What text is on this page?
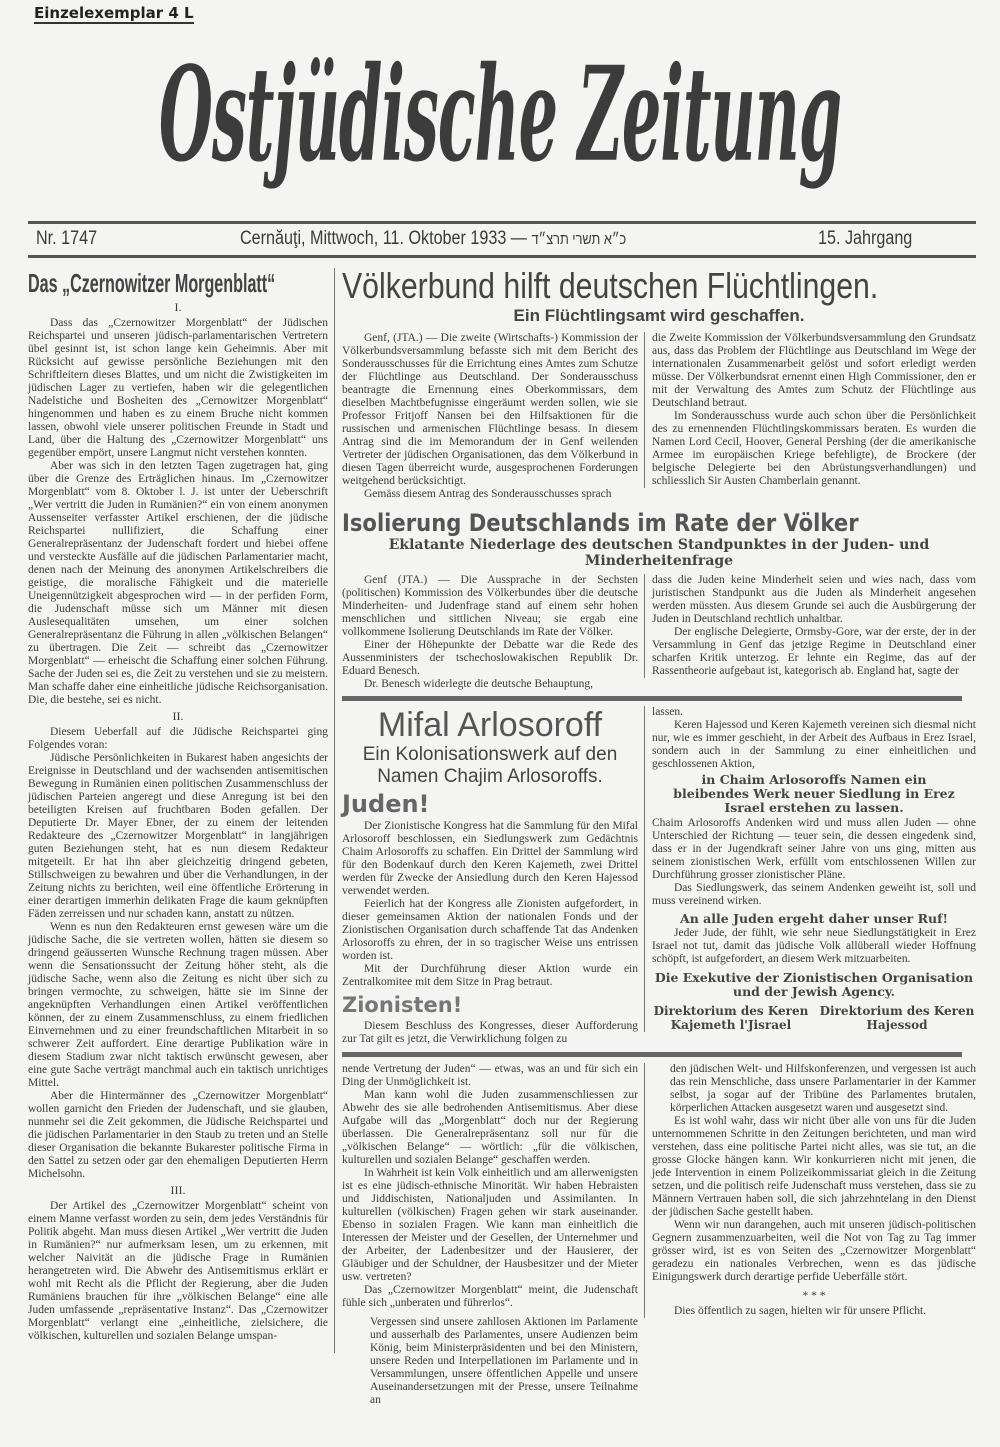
Einzelexemplar 4 L
Ostjüdische Zeitung
Nr. 1747	Cernăuţi, Mittwoch, 11. Oktober 1933 — כ״א תשרי תרצ״ד	15. Jahrgang
Das „Czernowitzer Morgenblatt“
I.

Dass das „Czernowitzer Morgenblatt“ der Jüdischen Reichspartei und unseren jüdisch-parlamentarischen Vertretern übel gesinnt ist, ist schon lange kein Geheimnis. Aber mit Rücksicht auf gewisse persönliche Beziehungen mit den Schriftleitern dieses Blattes, und um nicht die Zwistigkeiten im jüdischen Lager zu vertiefen, haben wir die gelegentlichen Nadelstiche und Bosheiten des „Cernowitzer Morgenblatt“ hingenommen und haben es zu einem Bruche nicht kommen lassen, obwohl viele unserer politischen Freunde in Stadt und Land, über die Haltung des „Czernowitzer Morgenblatt“ uns gegenüber empört, unsere Langmut nicht verstehen konnten.

Aber was sich in den letzten Tagen zugetragen hat, ging über die Grenze des Erträglichen hinaus. Im „Czernowitzer Morgenblatt“ vom 8. Oktober l. J. ist unter der Ueberschrift „Wer vertritt die Juden in Rumänien?“ ein von einem anonymen Aussenseiter verfasster Artikel erschienen, der die jüdische Reichspartei nullifiziert, die Schaffung einer Generalrepräsentanz der Judenschaft fordert und hiebei offene und versteckte Ausfälle auf die jüdischen Parlamentarier macht, denen nach der Meinung des anonymen Artikelschreibers die geistige, die moralische Fähigkeit und die materielle Uneigennützigkeit abgesprochen wird — in der perfiden Form, die Judenschaft müsse sich um Männer mit diesen Auslesequalitäten umsehen, um einer solchen Generalrepräsentanz die Führung in allen „völkischen Belangen“ zu übertragen. Die Zeit — schreibt das „Czernowitzer Morgenblatt“ — erheischt die Schaffung einer solchen Führung. Sache der Juden sei es, die Zeit zu verstehen und sie zu meistern. Man schaffe daher eine einheitliche jüdische Reichsorganisation. Die, die bestehe, sei es nicht.

II.

Diesem Ueberfall auf die Jüdische Reichspartei ging Folgendes voran:

Jüdische Persönlichkeiten in Bukarest haben angesichts der Ereignisse in Deutschland und der wachsenden antisemitischen Bewegung in Rumänien einen politischen Zusammenschluss der jüdischen Parteien angeregt und diese Anregung ist bei den beteiligten Kreisen auf fruchtbaren Boden gefallen. Der Deputierte Dr. Mayer Ebner, der zu einem der leitenden Redakteure des „Czernowitzer Morgenblatt“ in langjährigen guten Beziehungen steht, hat es nun diesem Redakteur mitgeteilt. Er hat ihn aber gleichzeitig dringend gebeten, Stillschweigen zu bewahren und über die Verhandlungen, in der Zeitung nichts zu berichten, weil eine öffentliche Erörterung in einer derartigen immerhin delikaten Frage die kaum geknüpften Fäden zerreissen und nur schaden kann, anstatt zu nützen.

Wenn es nun den Redakteuren ernst gewesen wäre um die jüdische Sache, die sie vertreten wollen, hätten sie diesem so dringend geäusserten Wunsche Rechnung tragen müssen. Aber wenn die Sensationssucht der Zeitung höher steht, als die jüdische Sache, wenn also die Zeitung es nicht über sich zu bringen vermochte, zu schweigen, hätte sie im Sinne der angeknüpften Verhandlungen einen Artikel veröffentlichen können, der zu einem Zusammenschluss, zu einem friedlichen Einvernehmen und zu einer freundschaftlichen Mitarbeit in so schwerer Zeit auffordert. Eine derartige Publikation wäre in diesem Stadium zwar nicht taktisch erwünscht gewesen, aber eine gute Sache verträgt manchmal auch ein taktisch unrichtiges Mittel.

Aber die Hintermänner des „Czernowitzer Morgenblatt“ wollen garnicht den Frieden der Judenschaft, und sie glauben, nunmehr sei die Zeit gekommen, die Jüdische Reichspartei und die jüdischen Parlamentarier in den Staub zu treten und an Stelle dieser Organisation die bekannte Bukarester politische Firma in den Sattel zu setzen oder gar den ehemaligen Deputierten Herrn Michelsohn.

III.

Der Artikel des „Czernowitzer Morgenblatt“ scheint von einem Manne verfasst worden zu sein, dem jedes Verständnis für Politik abgeht. Man muss diesen Artikel „Wer vertritt die Juden in Rumänien?“ nur aufmerksam lesen, um zu erkennen, mit welcher Naivität an die jüdische Frage in Rumänien herangetreten wird. Die Abwehr des Antisemitismus erklärt er wohl mit Recht als die Pflicht der Regierung, aber die Juden Rumäniens brauchen für ihre „völkischen Belange“ eine alle Juden umfassende „repräsentative Instanz“. Das „Czernowitzer Morgenblatt“ verlangt eine „einheitliche, zielsichere, die völkischen, kulturellen und sozialen Belange umspan-

Völkerbund hilft deutschen Flüchtlingen.
Ein Flüchtlingsamt wird geschaffen.

Genf, (JTA.) — Die zweite (Wirtschafts-) Kommission der Völkerbundsversammlung befasste sich mit dem Bericht des Sonderausschusses für die Errichtung eines Amtes zum Schutze der Flüchtlinge aus Deutschland. Der Sonderausschuss beantragte die Ernennung eines Oberkommissars, dem dieselben Machtbefugnisse eingeräumt werden sollen, wie sie Professor Fritjoff Nansen bei den Hilfsaktionen für die russischen und armenischen Flüchtlinge besass. In diesem Antrag sind die im Memorandum der in Genf weilenden Vertreter der jüdischen Organisationen, das dem Völkerbund in diesen Tagen überreicht wurde, ausgesprochenen Forderungen weitgehend berücksichtigt.

Gemäss diesem Antrag des Sonderausschusses sprach

die Zweite Kommission der Völkerbundsversammlung den Grundsatz aus, dass das Problem der Flüchtlinge aus Deutschland im Wege der internationalen Zusammenarbeit gelöst und sofort erledigt werden müsse. Der Völkerbundsrat ernennt einen High Commissioner, den er mit der Verwaltung des Amtes zum Schutz der Flüchtlinge aus Deutschland betraut.

Im Sonderausschuss wurde auch schon über die Persönlichkeit des zu ernennenden Flüchtlingskommissars beraten. Es wurden die Namen Lord Cecil, Hoover, General Pershing (der die amerikanische Armee im europäischen Kriege befehligte), de Brockere (der belgische Delegierte bei den Abrüstungsverhandlungen) und schliesslich Sir Austen Chamberlain genannt.

Isolierung Deutschlands im Rate der Völker
Eklatante Niederlage des deutschen Standpunktes in der Juden- und Minderheitenfrage

Genf (JTA.) — Die Aussprache in der Sechsten (politischen) Kommission des Völkerbundes über die deutsche Minderheiten- und Judenfrage stand auf einem sehr hohen menschlichen und sittlichen Niveau; sie ergab eine vollkommene Isolierung Deutschlands im Rate der Völker.

Einer der Höhepunkte der Debatte war die Rede des Aussenministers der tschechoslowakischen Republik Dr. Eduard Benesch.

Dr. Benesch widerlegte die deutsche Behauptung,

dass die Juden keine Minderheit seien und wies nach, dass vom juristischen Standpunkt aus die Juden als Minderheit angesehen werden müssten. Aus diesem Grunde sei auch die Ausbürgerung der Juden in Deutschland rechtlich unhaltbar.

Der englische Delegierte, Ormsby-Gore, war der erste, der in der Versammlung in Genf das jetzige Regime in Deutschland einer scharfen Kritik unterzog. Er lehnte ein Regime, das auf der Rassentheorie aufgebaut ist, kategorisch ab. England hat, sagte der

Mifal Arlosoroff
Ein Kolonisationswerk auf den Namen Chajim Arlosoroffs.
Juden!

Der Zionistische Kongress hat die Sammlung für den Mifal Arlosoroff beschlossen, ein Siedlungswerk zum Gedächtnis Chaim Arlosoroffs zu schaffen. Ein Drittel der Sammlung wird für den Bodenkauf durch den Keren Kajemeth, zwei Drittel werden für Zwecke der Ansiedlung durch den Keren Hajessod verwendet werden.

Feierlich hat der Kongress alle Zionisten aufgefordert, in dieser gemeinsamen Aktion der nationalen Fonds und der Zionistischen Organisation durch schaffende Tat das Andenken Arlosoroffs zu ehren, der in so tragischer Weise uns entrissen worden ist.

Mit der Durchführung dieser Aktion wurde ein Zentralkomitee mit dem Sitze in Prag betraut.

Zionisten!

Diesem Beschluss des Kongresses, dieser Aufforderung zur Tat gilt es jetzt, die Verwirklichung folgen zu

lassen.

Keren Hajessod und Keren Kajemeth vereinen sich diesmal nicht nur, wie es immer geschieht, in der Arbeit des Aufbaus in Erez Israel, sondern auch in der Sammlung zu einer einheitlichen und geschlossenen Aktion,

in Chaim Arlosoroffs Namen ein bleibendes Werk neuer Siedlung in Erez Israel erstehen zu lassen.

Chaim Arlosoroffs Andenken wird und muss allen Juden — ohne Unterschied der Richtung — teuer sein, die dessen eingedenk sind, dass er in der Jugendkraft seiner Jahre von uns ging, mitten aus seinem zionistischen Werk, erfüllt vom entschlossenen Willen zur Durchführung grosser zionistischer Pläne.

Das Siedlungswerk, das seinem Andenken geweiht ist, soll und muss vereinend wirken.

An alle Juden ergeht daher unser Ruf!

Jeder Jude, der fühlt, wie sehr neue Siedlungstätigkeit in Erez Israel not tut, damit das jüdische Volk allüberall wieder Hoffnung schöpft, ist aufgefordert, an diesem Werk mitzuarbeiten.

Die Exekutive der Zionistischen Organisation und der Jewish Agency.
Direktorium des Keren Kajemeth l'Jisrael
Direktorium des Keren Hajessod

nende Vertretung der Juden“ — etwas, was an und für sich ein Ding der Unmöglichkeit ist.

Man kann wohl die Juden zusammenschliessen zur Abwehr des sie alle bedrohenden Antisemitismus. Aber diese Aufgabe will das „Morgenblatt“ doch nur der Regierung überlassen. Die Generalrepräsentanz soll nur für die „völkischen Belange“ — wörtlich: „für die völkischen, kulturellen und sozialen Belange“ geschaffen werden.

In Wahrheit ist kein Volk einheitlich und am allerwenigsten ist es eine jüdisch-ethnische Minorität. Wir haben Hebraisten und Jiddischisten, Nationaljuden und Assimilanten. In kulturellen (völkischen) Fragen gehen wir stark auseinander. Ebenso in sozialen Fragen. Wie kann man einheitlich die Interessen der Meister und der Gesellen, der Unternehmer und der Arbeiter, der Ladenbesitzer und der Hausierer, der Gläubiger und der Schuldner, der Hausbesitzer und der Mieter usw. vertreten?

Das „Czernowitzer Morgenblatt“ meint, die Judenschaft fühle sich „unberaten und führerlos“.

Vergessen sind unsere zahllosen Aktionen im Parlamente und ausserhalb des Parlamentes, unsere Audienzen beim König, beim Ministerpräsidenten und bei den Ministern, unsere Reden und Interpellationen im Parlamente und in Versammlungen, unsere öffentlichen Appelle und unsere Auseinandersetzungen mit der Presse, unsere Teilnahme an

den jüdischen Welt- und Hilfskonferenzen, und vergessen ist auch das rein Menschliche, dass unsere Parlamentarier in der Kammer selbst, ja sogar auf der Tribüne des Parlamentes brutalen, körperlichen Attacken ausgesetzt waren und ausgesetzt sind.

Es ist wohl wahr, dass wir nicht über alle von uns für die Juden unternommenen Schritte in den Zeitungen berichteten, und man wird verstehen, dass eine politische Partei nicht alles, was sie tut, an die grosse Glocke hängen kann. Wir konkurrieren nicht mit jenen, die jede Intervention in einem Polizeikommissariat gleich in die Zeitung setzen, und die politisch reife Judenschaft muss verstehen, dass sie zu Männern Vertrauen haben soll, die sich jahrzehntelang in den Dienst der jüdischen Sache gestellt haben.

Wenn wir nun darangehen, auch mit unseren jüdisch-politischen Gegnern zusammenzuarbeiten, weil die Not von Tag zu Tag immer grösser wird, ist es von Seiten des „Czernowitzer Morgenblatt“ geradezu ein nationales Verbrechen, wenn es das jüdische Einigungswerk durch derartige perfide Ueberfälle stört.

* * *

Dies öffentlich zu sagen, hielten wir für unsere Pflicht.
